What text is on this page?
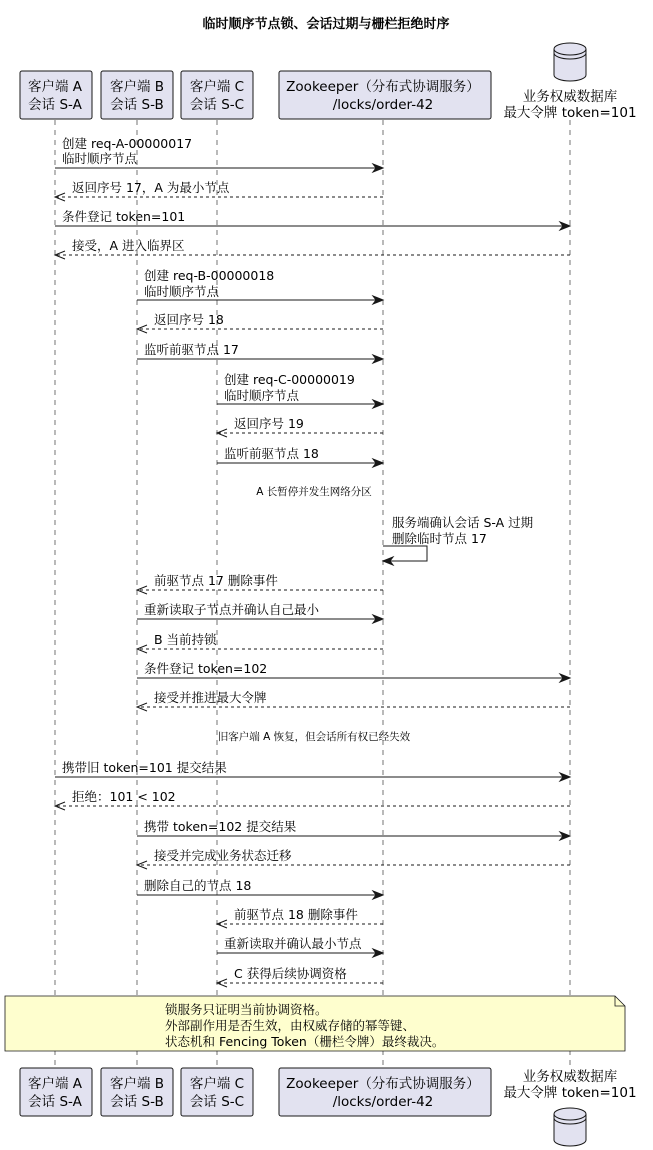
临时顺序节点锁、会话过期与栅栏拒绝时序
客户端 A
会话 S-A
客户端 B
会话 S-B
客户端 C
会话 S-C
Zookeeper（分布式协调服务）
/locks/order-42	业务权威数据库
最大令牌 token=101
客户端 A
会话 S-A
客户端 B
会话 S-B
客户端 C
会话 S-C
Zookeeper（分布式协调服务）
/locks/order-42
业务权威数据库
最大令牌 token=101
创建 req-A-00000017
临时顺序节点
返回序号 17，A 为最小节点
条件登记 token=101
接受，A 进入临界区
创建 req-B-00000018
临时顺序节点
返回序号 18
监听前驱节点 17
创建 req-C-00000019
临时顺序节点
返回序号 19
监听前驱节点 18
A 长暂停并发生网络分区
服务端确认会话 S-A 过期
删除临时节点 17
前驱节点 17 删除事件
重新读取子节点并确认自己最小
B 当前持锁
条件登记 token=102
接受并推进最大令牌
旧客户端 A 恢复，但会话所有权已经失效
携带旧 token=101 提交结果
拒绝：101 < 102
携带 token=102 提交结果
接受并完成业务状态迁移
删除自己的节点 18
前驱节点 18 删除事件
重新读取并确认最小节点
C 获得后续协调资格
锁服务只证明当前协调资格。
外部副作用是否生效，由权威存储的幂等键、
状态机和 Fencing Token（栅栏令牌）最终裁决。
